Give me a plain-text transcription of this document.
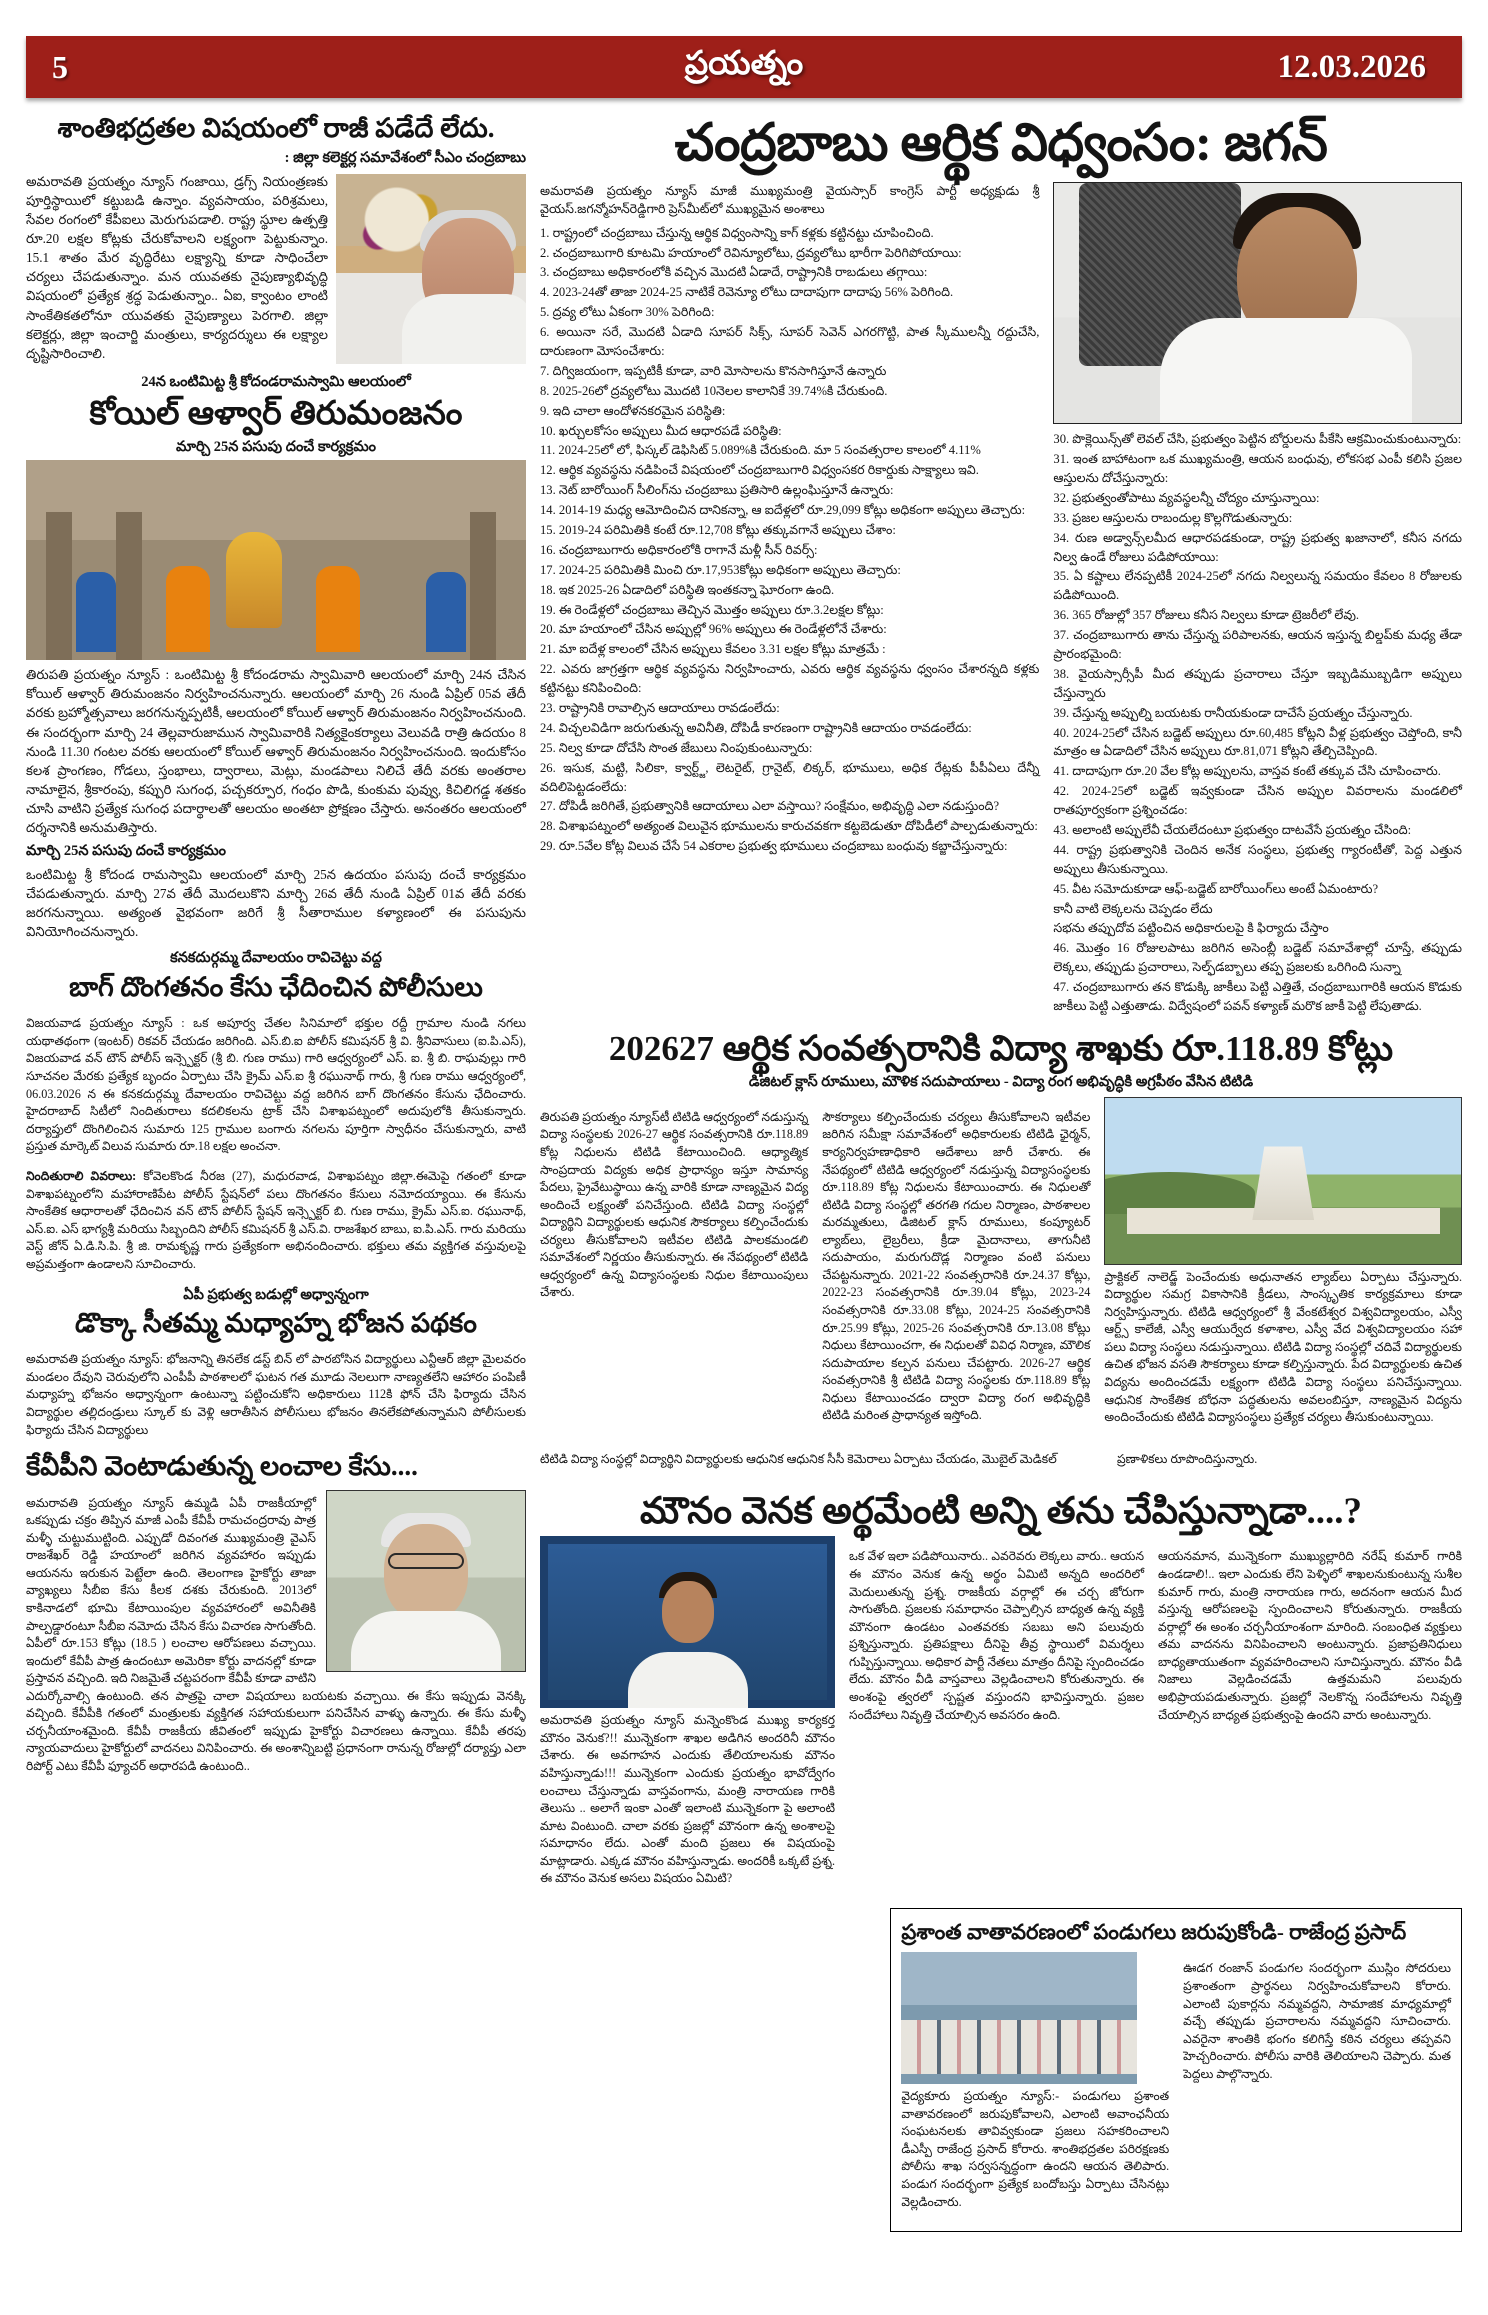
5	ప్రయత్నం	12.03.2026
శాంతిభద్రతల విషయంలో రాజీ పడేదే లేదు.
: జిల్లా కలెక్టర్ల సమావేశంలో సీఎం చంద్రబాబు

అమరావతి ప్రయత్నం న్యూస్ గంజాయి, డ్రగ్స్ నియంత్రణకు పూర్తిస్థాయిలో కట్టుబడి ఉన్నాం. వ్యవసాయం, పరిశ్రమలు, సేవల రంగంలో కేపీఐలు మెరుగుపడాలి. రాష్ట్ర స్థూల ఉత్పత్తి రూ.20 లక్షల కోట్లకు చేరుకోవాలని లక్ష్యంగా పెట్టుకున్నాం. 15.1 శాతం మేర వృద్ధిరేటు లక్ష్యాన్ని కూడా సాధించేలా చర్యలు చేపడుతున్నాం. మన యువతకు నైపుణ్యాభివృద్ధి విషయంలో ప్రత్యేక శ్రద్ధ పెడుతున్నాం.. ఏఐ, క్వాంటం లాంటి సాంకేతికతలోనూ యువతకు నైపుణ్యాలు పెరగాలి. జిల్లా కలెక్టర్లు, జిల్లా ఇంచార్జి మంత్రులు, కార్యదర్శులు ఈ లక్ష్యాల దృష్టిసారించాలి.

24న ఒంటిమిట్ట శ్రీ కోదండరామస్వామి ఆలయంలో
కోయిల్ ఆళ్వార్ తిరుమంజనం
మార్చి 25న పసుపు దంచే కార్యక్రమం

తిరుపతి ప్రయత్నం న్యూస్ : ఒంటిమిట్ట శ్రీ కోదండరామ స్వామివారి ఆలయంలో మార్చి 24న చేసిన కోయిల్ ఆళ్వార్ తిరుమంజనం నిర్వహించనున్నారు. ఆలయంలో మార్చి 26 నుండి ఏప్రిల్ 05వ తేదీ వరకు బ్రహ్మోత్సవాలు జరగనున్నప్పటికీ, ఆలయంలో కోయిల్ ఆళ్వార్ తిరుమంజనం నిర్వహించనుంది. ఈ సందర్భంగా మార్చి 24 తెల్లవారుజామున స్వామివారికి నిత్యకైంకర్యాలు వెలువడి రాత్రి ఉదయం 8 నుండి 11.30 గంటల వరకు ఆలయంలో కోయిల్ ఆళ్వార్ తిరుమంజనం నిర్వహించనుంది. ఇందుకోసం కలశ ప్రాంగణం, గోడలు, స్తంభాలు, ద్వారాలు, మెట్లు, మండపాలు నిలిచే తేదీ వరకు అంతరాల నామాలైన, శ్రీకారంపు, కప్పురి సుగంధ, పచ్చకర్పూర, గంధం పొడి, కుంకుమ పువ్వు, కిచిలిగడ్డ శతకం చూసి వాటిని ప్రత్యేక సుగంధ పదార్థాలతో ఆలయం అంతటా ప్రోక్షణం చేస్తారు. అనంతరం ఆలయంలో దర్శనానికి అనుమతిస్తారు.

మార్చి 25న పసుపు దంచే కార్యక్రమం

ఒంటిమిట్ట శ్రీ కోదండ రామస్వామి ఆలయంలో మార్చి 25న ఉదయం పసుపు దంచే కార్యక్రమం చేపడుతున్నారు. మార్చి 27వ తేదీ మొదలుకొని మార్చి 26వ తేదీ నుండి ఏప్రిల్ 01వ తేదీ వరకు జరగనున్నాయి. అత్యంత వైభవంగా జరిగే శ్రీ సీతారాముల కళ్యాణంలో ఈ పసుపును వినియోగించనున్నారు.

కనకదుర్గమ్మ దేవాలయం రావిచెట్టు వద్ద
బాగ్ దొంగతనం కేసు ఛేదించిన పోలీసులు

విజయవాడ ప్రయత్నం న్యూస్ : ఒక అపూర్వ చేతల సినిమాలో భక్తుల రద్దీ గ్రామాల నుండి నగలు యథాతథంగా (ఇంటర్) రికవర్ చేయడం జరిగింది. ఎస్.బి.ఐ పోలీస్ కమిషనర్ శ్రీ వి. శ్రీనివాసులు (ఐ.పి.ఎస్), విజయవాడ వన్ టౌన్ పోలీస్ ఇన్స్పెక్టర్ (శ్రీ బి. గుణ రాము) గారి ఆధ్వర్యంలో ఎస్. ఐ. శ్రీ బి. రాఘవుల్లు గారి సూచనల మేరకు ప్రత్యేక బృందం ఏర్పాటు చేసి క్రైమ్ ఎస్.ఐ శ్రీ రఘునాథ్ గారు, శ్రీ గుణ రాము ఆధ్వర్యంలో, 06.03.2026 న ఈ కనకదుర్గమ్మ దేవాలయం రావిచెట్టు వద్ద జరిగిన బాగ్ దొంగతనం కేసును ఛేదించారు. హైదరాబాద్ సిటీలో నిందితురాలు కదలికలను ట్రాక్ చేసి విశాఖపట్నంలో అదుపులోకి తీసుకున్నారు. దర్యాప్తులో దొంగిలించిన సుమారు 125 గ్రాముల బంగారు నగలను పూర్తిగా స్వాధీనం చేసుకున్నారు, వాటి ప్రస్తుత మార్కెట్ విలువ సుమారు రూ.18 లక్షల అంచనా.

నిందితురాలి వివరాలు: కోవెలకొండ నీరజ (27), మధురవాడ, విశాఖపట్నం జిల్లా.ఈమెపై గతంలో కూడా విశాఖపట్నంలోని మహారాణిపేట పోలీస్ స్టేషన్‌లో పలు దొంగతనం కేసులు నమోదయ్యాయి. ఈ కేసును సాంకేతిక ఆధారాలతో ఛేదించిన వన్ టౌన్ పోలీస్ స్టేషన్ ఇన్స్పెక్టర్ బి. గుణ రాము, క్రైమ్ ఎస్.ఐ. రఘునాథ్, ఎస్.ఐ. ఎస్ భాగ్యశ్రీ మరియు సిబ్బందిని పోలీస్ కమిషనర్ శ్రీ ఎస్.వి. రాజశేఖర బాబు, ఐ.పి.ఎస్. గారు మరియు వెస్ట్ జోన్ ఏ.డి.సి.పి. శ్రీ జి. రామకృష్ణ గారు ప్రత్యేకంగా అభినందించారు. భక్తులు తమ వ్యక్తిగత వస్తువులపై అప్రమత్తంగా ఉండాలని సూచించారు.

ఏపీ ప్రభుత్వ బడుల్లో అధ్వాన్నంగా
డొక్కా సీతమ్మ మధ్యాహ్న భోజన పథకం

అమరావతి ప్రయత్నం న్యూస్: భోజనాన్ని తినలేక డస్ట్ బిన్ లో పారబోసిన విద్యార్థులు ఎన్టీఆర్ జిల్లా మైలవరం మండలం దేవుని చెరువులోని ఎంపీపీ పాఠశాలలో ఘటన గత మూడు నెలలుగా నాణ్యతలేని ఆహారం పంపిణీ మధ్యాహ్న భోజనం అధ్వాన్నంగా ఉంటున్నా పట్టించుకోని అధికారులు 112కి ఫోన్ చేసి ఫిర్యాదు చేసిన విద్యార్థుల తల్లిదండ్రులు స్కూల్ కు వెళ్లి ఆరాతీసిన పోలీసులు భోజనం తినలేకపోతున్నామని పోలీసులకు ఫిర్యాదు చేసిన విద్యార్థులు

కేవీపీని వెంటాడుతున్న లంచాల కేసు....

అమరావతి ప్రయత్నం న్యూస్ ఉమ్మడి ఏపీ రాజకీయాల్లో ఒకప్పుడు చక్రం తిప్పిన మాజీ ఎంపీ కేవీపీ రామచంద్రరావు పాత్ర మళ్ళీ చుట్టుముట్టింది. ఎప్పుడో దివంగత ముఖ్యమంత్రి వైఎస్ రాజశేఖర్ రెడ్డి హయాంలో జరిగిన వ్యవహారం ఇప్పుడు ఆయనను ఇరుకున పెట్టేలా ఉంది. తెలంగాణ హైకోర్టు తాజా వ్యాఖ్యలు సీబీఐ కేసు కీలక దశకు చేరుకుంది. 2013లో కాకినాడలో భూమి కేటాయింపుల వ్యవహారంలో అవినీతికి పాల్పడ్డారంటూ సీబీఐ నమోదు చేసిన కేసు విచారణ సాగుతోంది. ఏపీలో రూ.153 కోట్లు (18.5 ) లంచాల ఆరోపణలు వచ్చాయి. ఇందులో కేవీపీ పాత్ర ఉందంటూ అమెరికా కోర్టు వాదనల్లో కూడా ప్రస్తావన వచ్చింది. ఇది నిజమైతే చట్టపరంగా కేవీపీ కూడా వాటిని ఎదుర్కోవాల్సి ఉంటుంది. తన పాత్రపై చాలా విషయాలు బయటకు వచ్చాయి. ఈ కేసు ఇప్పుడు వెనక్కి వచ్చింది. కేవీపీకి గతంలో మంత్రులకు వ్యక్తిగత సహాయకులుగా పనిచేసిన వాళ్ళు ఉన్నారు. ఈ కేసు మళ్ళీ చర్చనీయాంశమైంది. కేవీపీ రాజకీయ జీవితంలో ఇప్పుడు హైకోర్టు విచారణలు ఉన్నాయి. కేవీపీ తరపు న్యాయవాదులు హైకోర్టులో వాదనలు వినిపించారు. ఈ అంశాన్నిబట్టి ప్రధానంగా రానున్న రోజుల్లో దర్యాప్తు ఎలా రిపోర్ట్ ఎటు కేవీపీ ఫ్యూచర్ అధారపడి ఉంటుంది..

చంద్రబాబు ఆర్థిక విధ్వంసం: జగన్

అమరావతి ప్రయత్నం న్యూస్ మాజీ ముఖ్యమంత్రి వైయస్సార్ కాంగ్రెస్ పార్టీ అధ్యక్షుడు శ్రీ వైయస్.జగన్మోహన్‌రెడ్డిగారి ప్రెస్‌మీట్‌లో ముఖ్యమైన అంశాలు

1. రాష్ట్రంలో చంద్రబాబు చేస్తున్న ఆర్థిక విధ్వంసాన్ని కాగ్ కళ్లకు కట్టినట్టు చూపించింది.
2. చంద్రబాబుగారి కూటమి హయాంలో రెవిన్యూలోటు, ద్రవ్యలోటు భారీగా పెరిగిపోయాయి:
3. చంద్రబాబు అధికారంలోకి వచ్చిన మొదటి ఏడాదే, రాష్ట్రానికి రాబడులు తగ్గాయి:
4. 2023-24తో తాజా 2024-25 నాటికే రెవెన్యూ లోటు దాదాపుగా దాదాపు 56% పెరిగింది.
5. ద్రవ్య లోటు ఏకంగా 30% పెరిగింది:
6. అయినా సరే, మొదటి ఏడాది సూపర్ సిక్స్, సూపర్ సెవెన్ ఎగరగొట్టి, పాత స్కీములన్నీ రద్దుచేసి, దారుణంగా మోసంచేశారు:
7. దిగ్విజయంగా, ఇప్పటికీ కూడా, వారి మోసాలను కొనసాగిస్తూనే ఉన్నారు
8. 2025-26లో ద్రవ్యలోటు మొదటి 10నెలల కాలానికే 39.74%కి చేరుకుంది.
9. ఇది చాలా ఆందోళనకరమైన పరిస్థితి:
10. ఖర్చులకోసం అప్పులు మీద ఆధారపడే పరిస్థితి:
11. 2024-25లో లో, ఫిస్కల్ డెఫిసిట్ 5.089%కి చేరుకుంది. మా 5 సంవత్సరాల కాలంలో 4.11%
12. ఆర్థిక వ్యవస్థను నడిపించే విషయంలో చంద్రబాబుగారి విధ్వంసకర రికార్డుకు సాక్ష్యాలు ఇవి.
13. నెట్ బారోయింగ్ సీలింగ్‌ను చంద్రబాబు ప్రతిసారి ఉల్లంఘిస్తూనే ఉన్నారు:
14. 2014-19 మధ్య ఆమోదించిన దానికన్నా, ఆ ఐదేళ్లలో రూ.29,099 కోట్లు అధికంగా అప్పులు తెచ్చారు:
15. 2019-24 పరిమితికి కంటే రూ.12,708 కోట్లు తక్కువగానే అప్పులు చేశాం:
16. చంద్రబాబుగారు అధికారంలోకి రాగానే మళ్లీ సీన్ రివర్స్:
17. 2024-25 పరిమితికి మించి రూ.17,953కోట్లు అధికంగా అప్పులు తెచ్చారు:
18. ఇక 2025-26 ఏడాదిలో పరిస్థితి ఇంతకన్నా ఘోరంగా ఉంది.
19. ఈ రెండేళ్లలో చంద్రబాబు తెచ్చిన మొత్తం అప్పులు రూ.3.2లక్షల కోట్లు:
20. మా హయాంలో చేసిన అప్పుల్లో 96% అప్పులు ఈ రెండేళ్లలోనే చేశారు:
21. మా ఐదేళ్ల కాలంలో చేసిన అప్పులు కేవలం 3.31 లక్షల కోట్లు మాత్రమే :
22. ఎవరు జాగ్రత్తగా ఆర్థిక వ్యవస్థను నిర్వహించారు, ఎవరు ఆర్థిక వ్యవస్థను ధ్వంసం చేశారన్నది కళ్లకు కట్టినట్టు కనిపించింది:
23. రాష్ట్రానికి రావాల్సిన ఆదాయాలు రావడంలేదు:
24. విచ్చలవిడిగా జరుగుతున్న అవినీతి, దోపిడీ కారణంగా రాష్ట్రానికి ఆదాయం రావడంలేదు:
25. నిల్వ కూడా దోచేసి సొంత జేబులు నింపుకుంటున్నారు:
26. ఇసుక, మట్టి, సిలికా, క్వార్ట్జ్, లెటరైట్, గ్రానైట్, లిక్కర్, భూములు, అధిక రేట్లకు పీపీఏలు దేన్నీ వదిలిపెట్టడంలేదు:
27. దోపిడీ జరిగితే, ప్రభుత్వానికి ఆదాయాలు ఎలా వస్తాయి? సంక్షేమం, అభివృద్ధి ఎలా నడుస్తుంది?
28. విశాఖపట్నంలో అత్యంత విలువైన భూములను కారుచవకగా కట్టబెడుతూ దోపిడీలో పాల్పడుతున్నారు:
29. రూ.5వేల కోట్ల విలువ చేసే 54 ఎకరాల ప్రభుత్వ భూములు చంద్రబాబు బంధువు కబ్జాచేస్తున్నారు:
30. పొక్లెయిన్స్‌తో లెవల్ చేసి, ప్రభుత్వం పెట్టిన బోర్డులను పీకేసి ఆక్రమించుకుంటున్నారు:
31. ఇంత బాహాటంగా ఒక ముఖ్యమంత్రి, ఆయన బంధువు, లోకసభ ఎంపీ కలిసి ప్రజల ఆస్తులను దోచేస్తున్నారు:
32. ప్రభుత్వంతోపాటు వ్యవస్థలన్నీ చోద్యం చూస్తున్నాయి:
33. ప్రజల ఆస్తులను రాబందుల్ల కొల్లగొడుతున్నారు:
34. రుణ అడ్వాన్స్‌లమీద ఆధారపడకుండా, రాష్ట్ర ప్రభుత్వ ఖజానాలో, కనీస నగదు నిల్వ ఉండే రోజులు పడిపోయాయి:
35. ఏ కష్టాలు లేనప్పటికీ 2024-25లో నగదు నిల్వలున్న సమయం కేవలం 8 రోజులకు పడిపోయింది.
36. 365 రోజుల్లో 357 రోజులు కనీస నిల్వలు కూడా ట్రెజరీలో లేవు.
37. చంద్రబాబుగారు తాను చేస్తున్న పరిపాలనకు, ఆయన ఇస్తున్న బిల్డప్‌కు మధ్య తేడా ప్రారంభమైంది:
38. వైయస్సార్సీపీ మీద తప్పుడు ప్రచారాలు చేస్తూ ఇబ్బడిముబ్బడిగా అప్పులు చేస్తున్నారు
39. చేస్తున్న అప్పుల్ని బయటకు రానీయకుండా దాచేసే ప్రయత్నం చేస్తున్నారు.
40. 2024-25లో చేసిన బడ్జెట్ అప్పులు రూ.60,485 కోట్లని వీళ్ల ప్రభుత్వం చెప్తోంది, కానీ మాత్రం ఆ ఏడాదిలో చేసిన అప్పులు రూ.81,071 కోట్లని తేల్చిచెప్పింది.
41. దాదాపుగా రూ.20 వేల కోట్ల అప్పులను, వాస్తవ కంటే తక్కువ చేసి చూపించారు.
42. 2024-25లో బడ్జెట్ ఇవ్వకుండా చేసిన అప్పుల వివరాలను మండలిలో రాతపూర్వకంగా ప్రశ్నించడం:
43. అలాంటి అప్పులేవీ చేయలేదంటూ ప్రభుత్వం దాటవేసే ప్రయత్నం చేసింది:
44. రాష్ట్ర ప్రభుత్వానికి చెందిన అనేక సంస్థలు, ప్రభుత్వ గ్యారంటీతో, పెద్ద ఎత్తున అప్పులు తీసుకున్నాయి.
45. వీట సమోదుకూడా ఆఫ్-బడ్జెట్ బారోయింగ్‌లు అంటే ఏమంటారు?
కానీ వాటి లెక్కలను చెప్పడం లేదు
సభను తప్పుదోవ పట్టించిన అధికారులపై కి ఫిర్యాదు చేస్తాం
46. మొత్తం 16 రోజులపాటు జరిగిన అసెంబ్లీ బడ్జెట్ సమావేశాల్లో చూస్తే, తప్పుడు లెక్కలు, తప్పుడు ప్రచారాలు, సెల్ఫ్‌డబ్బాలు తప్ప ప్రజలకు ఒరిగింది సున్నా
47. చంద్రబాబుగారు తన కొడుక్కి జాకీలు పెట్టి ఎత్తితే, చంద్రబాబుగారికి ఆయన కొడుకు జాకీలు పెట్టి ఎత్తుతాడు. విద్వేషంలో పవన్ కళ్యాణ్ మరొక జాకీ పెట్టి లేపుతాడు.
202627 ఆర్థిక సంవత్సరానికి విద్యా శాఖకు రూ.118.89 కోట్లు
డిజిటల్ క్లాస్ రూములు, మౌళిక సదుపాయాలు - విద్యా రంగ అభివృద్ధికి అగ్రపీఠం వేసిన టిటిడి

తిరుపతి ప్రయత్నం న్యూస్‌టీ టిటిడి ఆధ్వర్యంలో నడుస్తున్న విద్యా సంస్థలకు 2026-27 ఆర్థిక సంవత్సరానికి రూ.118.89 కోట్ల నిధులను టిటిడి కేటాయించింది. ఆధ్యాత్మిక సాంప్రదాయ విద్యకు అధిక ప్రాధాన్యం ఇస్తూ సామాన్య పేదలు, ప్రైవేటుస్థాయి ఉన్న వారికి కూడా నాణ్యమైన విద్య అందించే లక్ష్యంతో పనిచేస్తుంది. టిటిడి విద్యా సంస్థల్లో విద్యార్థిని విద్యార్థులకు ఆధునిక సౌకర్యాలు కల్పించేందుకు చర్యలు తీసుకోవాలని ఇటీవల టిటిడి పాలకమండలి సమావేశంలో నిర్ణయం తీసుకున్నారు. ఈ నేపథ్యంలో టిటిడి ఆధ్వర్యంలో ఉన్న విద్యాసంస్థలకు నిధుల కేటాయింపులు చేశారు.

సౌకర్యాలు కల్పించేందుకు చర్యలు తీసుకోవాలని ఇటీవల జరిగిన సమీక్షా సమావేశంలో అధికారులకు టిటిడి ఛైర్మన్, కార్యనిర్వహణాధికారి ఆదేశాలు జారీ చేశారు. ఈ నేపథ్యంలో టిటిడి ఆధ్వర్యంలో నడుస్తున్న విద్యాసంస్థలకు రూ.118.89 కోట్ల నిధులను కేటాయించారు. ఈ నిధులతో టిటిడి విద్యా సంస్థల్లో తరగతి గదుల నిర్మాణం, పాఠశాలల మరమ్మతులు, డిజిటల్ క్లాస్ రూములు, కంప్యూటర్ ల్యాబ్‌లు, లైబ్రరీలు, క్రీడా మైదానాలు, తాగునీటి సదుపాయం, మరుగుదొడ్ల నిర్మాణం వంటి పనులు చేపట్టనున్నారు. 2021-22 సంవత్సరానికి రూ.24.37 కోట్లు, 2022-23 సంవత్సరానికి రూ.39.04 కోట్లు, 2023-24 సంవత్సరానికి రూ.33.08 కోట్లు, 2024-25 సంవత్సరానికి రూ.25.99 కోట్లు, 2025-26 సంవత్సరానికి రూ.13.08 కోట్లు నిధులు కేటాయించగా, ఈ నిధులతో వివిధ నిర్మాణ, మౌలిక సదుపాయాల కల్పన పనులు చేపట్టారు. 2026-27 ఆర్థిక సంవత్సరానికి శ్రీ టిటిడి విద్యా సంస్థలకు రూ.118.89 కోట్ల నిధులు కేటాయించడం ద్వారా విద్యా రంగ అభివృద్ధికి టిటిడి మరింత ప్రాధాన్యత ఇస్తోంది.

ప్రాక్టికల్ నాలెడ్జ్ పెంచేందుకు అధునాతన ల్యాబ్‌లు ఏర్పాటు చేస్తున్నారు. విద్యార్థుల సమగ్ర వికాసానికి క్రీడలు, సాంస్కృతిక కార్యక్రమాలు కూడా నిర్వహిస్తున్నారు. టిటిడి ఆధ్వర్యంలో శ్రీ వేంకటేశ్వర విశ్వవిద్యాలయం, ఎస్వీ ఆర్ట్స్ కాలేజీ, ఎస్వీ ఆయుర్వేద కళాశాల, ఎస్వీ వేద విశ్వవిద్యాలయం సహా పలు విద్యా సంస్థలు నడుస్తున్నాయి. టిటిడి విద్యా సంస్థల్లో చదివే విద్యార్థులకు ఉచిత భోజన వసతి సౌకర్యాలు కూడా కల్పిస్తున్నారు. పేద విద్యార్థులకు ఉచిత విద్యను అందించడమే లక్ష్యంగా టిటిడి విద్యా సంస్థలు పనిచేస్తున్నాయి. ఆధునిక సాంకేతిక బోధనా పద్ధతులను అవలంబిస్తూ, నాణ్యమైన విద్యను అందించేందుకు టిటిడి విద్యాసంస్థలు ప్రత్యేక చర్యలు తీసుకుంటున్నాయి.

టిటిడి విద్యా సంస్థల్లో విద్యార్థిని విద్యార్థులకు ఆధునిక ఆధునిక సీసీ కెమెరాలు ఏర్పాటు చేయడం, మొబైల్ మెడికల్	ప్రణాళికలు రూపొందిస్తున్నారు.

మౌనం వెనక అర్థమేంటి అన్ని తను చేపిస్తున్నాడా....?

అమరావతి ప్రయత్నం న్యూస్ మన్నెంకొండ ముఖ్య కార్యకర్త మౌనం వెనుక?!! మున్నెకంగా శాఖల అడిగిన అందరినీ మౌనం చేశారు. ఈ అవగాహన ఎందుకు తేలియాలనుకు మౌనం వహిస్తున్నాడు!!! మున్నెకంగా ఎందుకు ప్రయత్నం భావోద్వేగం లంచాలు చేస్తున్నాడు వాస్తవంగాను, మంత్రి నారాయణ గారికి తెలుసు .. అలాగే ఇంకా ఎంతో ఇలాంటి మున్నెకంగా పై అలాంటి మాట వింటుంది. చాలా వరకు ప్రజల్లో మౌనంగా ఉన్న అంశాలపై సమాధానం లేదు. ఎంతో మంది ప్రజలు ఈ విషయంపై మాట్లాడారు. ఎక్కడ మౌనం వహిస్తున్నాడు. అందరికీ ఒక్కటే ప్రశ్న. ఈ మౌనం వెనుక అసలు విషయం ఏమిటి?

ఒక వేళ ఇలా పడిపోయినారు.. ఎవరెవరు లెక్కలు వారు.. ఆయన ఈ మౌనం వెనుక ఉన్న అర్థం ఏమిటి అన్నది అందరిలో మెదులుతున్న ప్రశ్న. రాజకీయ వర్గాల్లో ఈ చర్చ జోరుగా సాగుతోంది. ప్రజలకు సమాధానం చెప్పాల్సిన బాధ్యత ఉన్న వ్యక్తి మౌనంగా ఉండటం ఎంతవరకు సబబు అని పలువురు ప్రశ్నిస్తున్నారు. ప్రతిపక్షాలు దీనిపై తీవ్ర స్థాయిలో విమర్శలు గుప్పిస్తున్నాయి. అధికార పార్టీ నేతలు మాత్రం దీనిపై స్పందించడం లేదు. మౌనం వీడి వాస్తవాలు వెల్లడించాలని కోరుతున్నారు. ఈ అంశంపై త్వరలో స్పష్టత వస్తుందని భావిస్తున్నారు. ప్రజల సందేహాలు నివృత్తి చేయాల్సిన అవసరం ఉంది.

ఆయనమాన, మున్నెకంగా ముఖ్యుల్లారిది నరేష్ కుమార్ గారికి ఉండడాలి!.. ఇలా ఎందుకు లేని పెళ్ళిలో శాఖలనుకుంటున్న సుశీల కుమార్ గారు, మంత్రి నారాయణ గారు, అదనంగా ఆయన మీద వస్తున్న ఆరోపణలపై స్పందించాలని కోరుతున్నారు. రాజకీయ వర్గాల్లో ఈ అంశం చర్చనీయాంశంగా మారింది. సంబంధిత వ్యక్తులు తమ వాదనను వినిపించాలని అంటున్నారు. ప్రజాప్రతినిధులు బాధ్యతాయుతంగా వ్యవహరించాలని సూచిస్తున్నారు. మౌనం వీడి నిజాలు వెల్లడించడమే ఉత్తమమని పలువురు అభిప్రాయపడుతున్నారు. ప్రజల్లో నెలకొన్న సందేహాలను నివృత్తి చేయాల్సిన బాధ్యత ప్రభుత్వంపై ఉందని వారు అంటున్నారు.

ప్రశాంత వాతావరణంలో పండుగలు జరుపుకోండి- రాజేంద్ర ప్రసాద్

వైద్యకూరు ప్రయత్నం న్యూస్:- పండుగలు ప్రశాంత వాతావరణంలో జరుపుకోవాలని, ఎలాంటి అవాంఛనీయ సంఘటనలకు తావివ్వకుండా ప్రజలు సహకరించాలని డీఎస్పీ రాజేంద్ర ప్రసాద్ కోరారు. శాంతిభద్రతల పరిరక్షణకు పోలీసు శాఖ సర్వసన్నద్ధంగా ఉందని ఆయన తెలిపారు. పండుగ సందర్భంగా ప్రత్యేక బందోబస్తు ఏర్పాటు చేసినట్లు వెల్లడించారు.

ఊడగ రంజాన్ పండుగల సందర్భంగా ముస్లిం సోదరులు ప్రశాంతంగా ప్రార్థనలు నిర్వహించుకోవాలని కోరారు. ఎలాంటి పుకార్లను నమ్మవద్దని, సామాజిక మాధ్యమాల్లో వచ్చే తప్పుడు ప్రచారాలను నమ్మవద్దని సూచించారు. ఎవరైనా శాంతికి భంగం కలిగిస్తే కఠిన చర్యలు తప్పవని హెచ్చరించారు. పోలీసు వారికి తెలియాలని చెప్పారు. మత పెద్దలు పాల్గొన్నారు.
